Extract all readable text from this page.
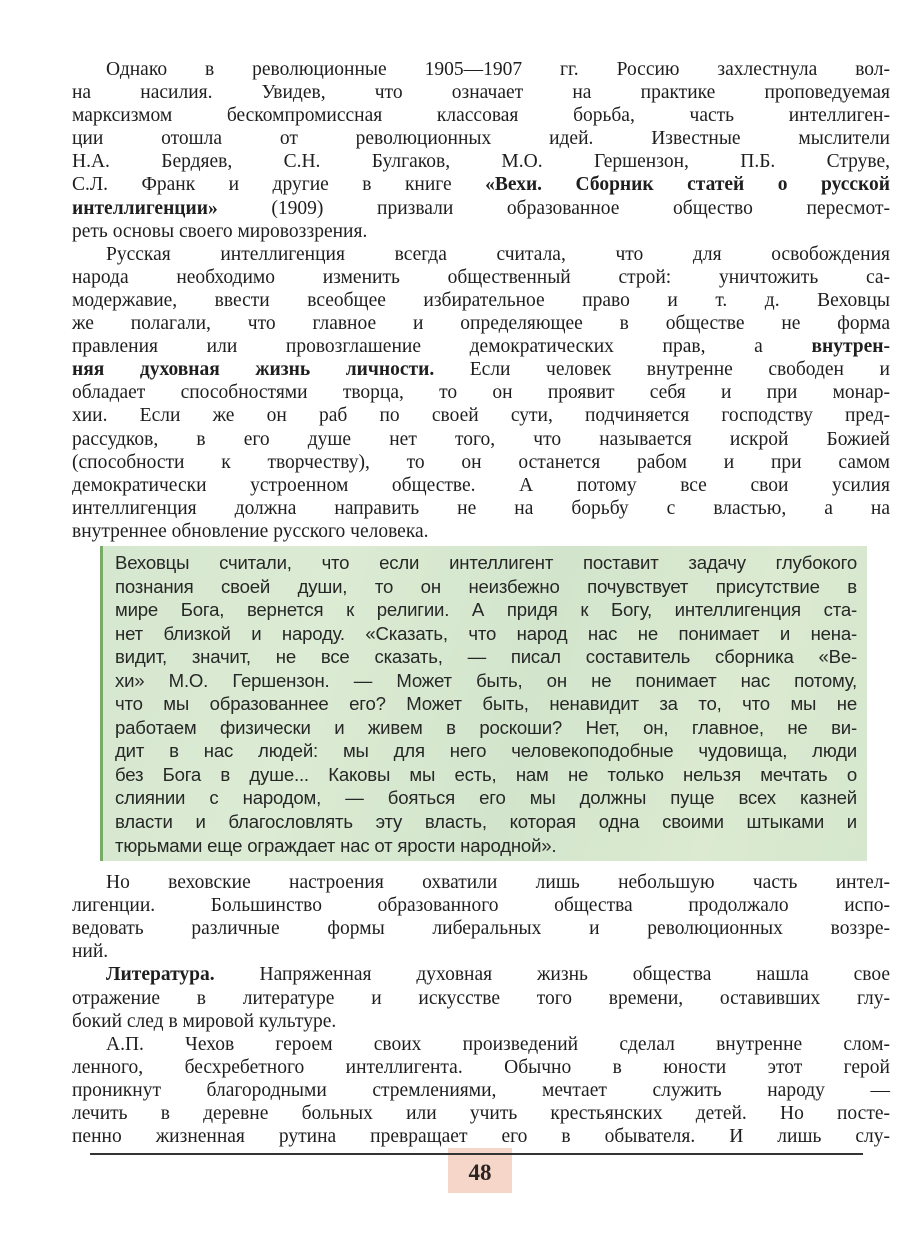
Однако в революционные 1905—1907 гг. Россию захлестнула вол-
на насилия. Увидев, что означает на практике проповедуемая
марксизмом бескомпромиссная классовая борьба, часть интеллиген-
ции отошла от революционных идей. Известные мыслители
Н.А. Бердяев, С.Н. Булгаков, М.О. Гершензон, П.Б. Струве,
С.Л. Франк и другие в книге «Вехи. Сборник статей о русской
интеллигенции» (1909) призвали образованное общество пересмот-
реть основы своего мировоззрения.
Русская интеллигенция всегда считала, что для освобождения
народа необходимо изменить общественный строй: уничтожить са-
модержавие, ввести всеобщее избирательное право и т. д. Веховцы
же полагали, что главное и определяющее в обществе не форма
правления или провозглашение демократических прав, а внутрен-
няя духовная жизнь личности. Если человек внутренне свободен и
обладает способностями творца, то он проявит себя и при монар-
хии. Если же он раб по своей сути, подчиняется господству пред-
рассудков, в его душе нет того, что называется искрой Божией
(способности к творчеству), то он останется рабом и при самом
демократически устроенном обществе. А потому все свои усилия
интеллигенция должна направить не на борьбу с властью, а на
внутреннее обновление русского человека.
Веховцы считали, что если интеллигент поставит задачу глубокого
познания своей души, то он неизбежно почувствует присутствие в
мире Бога, вернется к религии. А придя к Богу, интеллигенция ста-
нет близкой и народу. «Сказать, что народ нас не понимает и нена-
видит, значит, не все сказать, — писал составитель сборника «Ве-
хи» М.О. Гершензон. — Может быть, он не понимает нас потому,
что мы образованнее его? Может быть, ненавидит за то, что мы не
работаем физически и живем в роскоши? Нет, он, главное, не ви-
дит в нас людей: мы для него человекоподобные чудовища, люди
без Бога в душе... Каковы мы есть, нам не только нельзя мечтать о
слиянии с народом, — бояться его мы должны пуще всех казней
власти и благословлять эту власть, которая одна своими штыками и
тюрьмами еще ограждает нас от ярости народной».
Но веховские настроения охватили лишь небольшую часть интел-
лигенции. Большинство образованного общества продолжало испо-
ведовать различные формы либеральных и революционных воззре-
ний.
Литература. Напряженная духовная жизнь общества нашла свое
отражение в литературе и искусстве того времени, оставивших глу-
бокий след в мировой культуре.
А.П. Чехов героем своих произведений сделал внутренне слом-
ленного, бесхребетного интеллигента. Обычно в юности этот герой
проникнут благородными стремлениями, мечтает служить народу —
лечить в деревне больных или учить крестьянских детей. Но посте-
пенно жизненная рутина превращает его в обывателя. И лишь слу-
48
